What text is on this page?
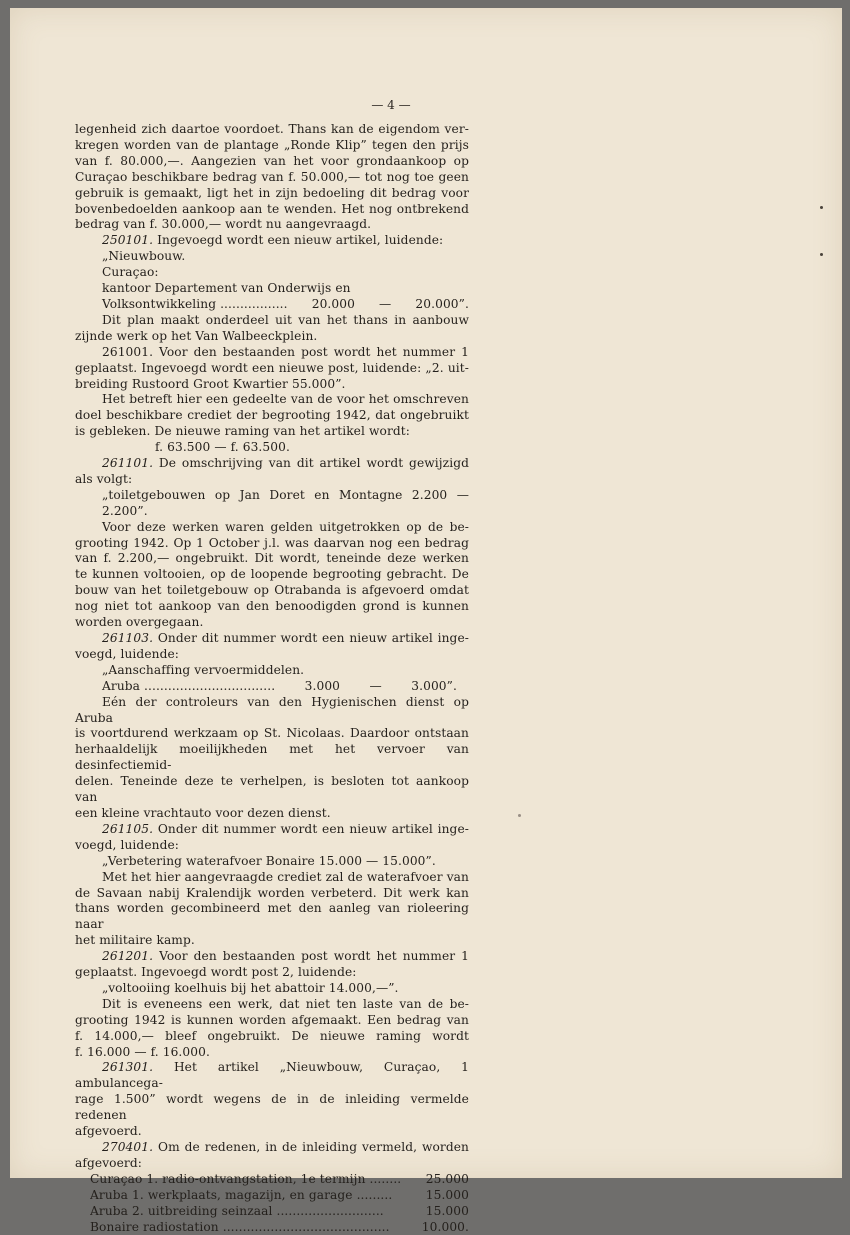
— 4 —

legenheid zich daartoe voordoet. Thans kan de eigendom ver-

kregen worden van de plantage „Ronde Klip” tegen den prijs

van f. 80.000,—. Aangezien van het voor grondaankoop op

Curaçao beschikbare bedrag van f. 50.000,— tot nog toe geen

gebruik is gemaakt, ligt het in zijn bedoeling dit bedrag voor

bovenbedoelden aankoop aan te wenden. Het nog ontbrekend

bedrag van f. 30.000,— wordt nu aangevraagd.

250101. Ingevoegd wordt een nieuw artikel, luidende:

„Nieuwbouw.

Curaçao:

kantoor Departement van Onderwijs en

Volksontwikkeling ................. 20.000 — 20.000”.

Dit plan maakt onderdeel uit van het thans in aanbouw

zijnde werk op het Van Walbeeckplein.

261001. Voor den bestaanden post wordt het nummer 1

geplaatst. Ingevoegd wordt een nieuwe post, luidende: „2. uit-

breiding Rustoord Groot Kwartier 55.000”.

Het betreft hier een gedeelte van de voor het omschreven

doel beschikbare crediet der begrooting 1942, dat ongebruikt

is gebleken. De nieuwe raming van het artikel wordt:

f. 63.500 — f. 63.500.

261101. De omschrijving van dit artikel wordt gewijzigd

als volgt:

„toiletgebouwen op Jan Doret en Montagne 2.200 — 2.200”.

Voor deze werken waren gelden uitgetrokken op de be-

grooting 1942. Op 1 October j.l. was daarvan nog een bedrag

van f. 2.200,— ongebruikt. Dit wordt, teneinde deze werken

te kunnen voltooien, op de loopende begrooting gebracht. De

bouw van het toiletgebouw op Otrabanda is afgevoerd omdat

nog niet tot aankoop van den benoodigden grond is kunnen

worden overgegaan.

261103. Onder dit nummer wordt een nieuw artikel inge-

voegd, luidende:

„Aanschaffing vervoermiddelen.

Aruba ................................. 3.000 — 3.000”.

Eén der controleurs van den Hygienischen dienst op Aruba

is voortdurend werkzaam op St. Nicolaas. Daardoor ontstaan

herhaaldelijk moeilijkheden met het vervoer van desinfectiemid-

delen. Teneinde deze te verhelpen, is besloten tot aankoop van

een kleine vrachtauto voor dezen dienst.

261105. Onder dit nummer wordt een nieuw artikel inge-

voegd, luidende:

„Verbetering waterafvoer Bonaire 15.000 — 15.000”.

Met het hier aangevraagde crediet zal de waterafvoer van

de Savaan nabij Kralendijk worden verbeterd. Dit werk kan

thans worden gecombineerd met den aanleg van rioleering naar

het militaire kamp.

261201. Voor den bestaanden post wordt het nummer 1

geplaatst. Ingevoegd wordt post 2, luidende:

„voltooiing koelhuis bij het abattoir 14.000,—”.

Dit is eveneens een werk, dat niet ten laste van de be-

grooting 1942 is kunnen worden afgemaakt. Een bedrag van

f. 14.000,— bleef ongebruikt. De nieuwe raming wordt

f. 16.000 — f. 16.000.

261301. Het artikel „Nieuwbouw, Curaçao, 1 ambulancega-

rage 1.500” wordt wegens de in de inleiding vermelde redenen

afgevoerd.

270401. Om de redenen, in de inleiding vermeld, worden

afgevoerd:

Curaçao 1. radio-ontvangstation, 1e termijn ........	25.000
Aruba 1. werkplaats, magazijn, en garage .........	15.000
Aruba 2. uitbreiding seinzaal ...........................	15.000
Bonaire radiostation ..........................................	10.000.
